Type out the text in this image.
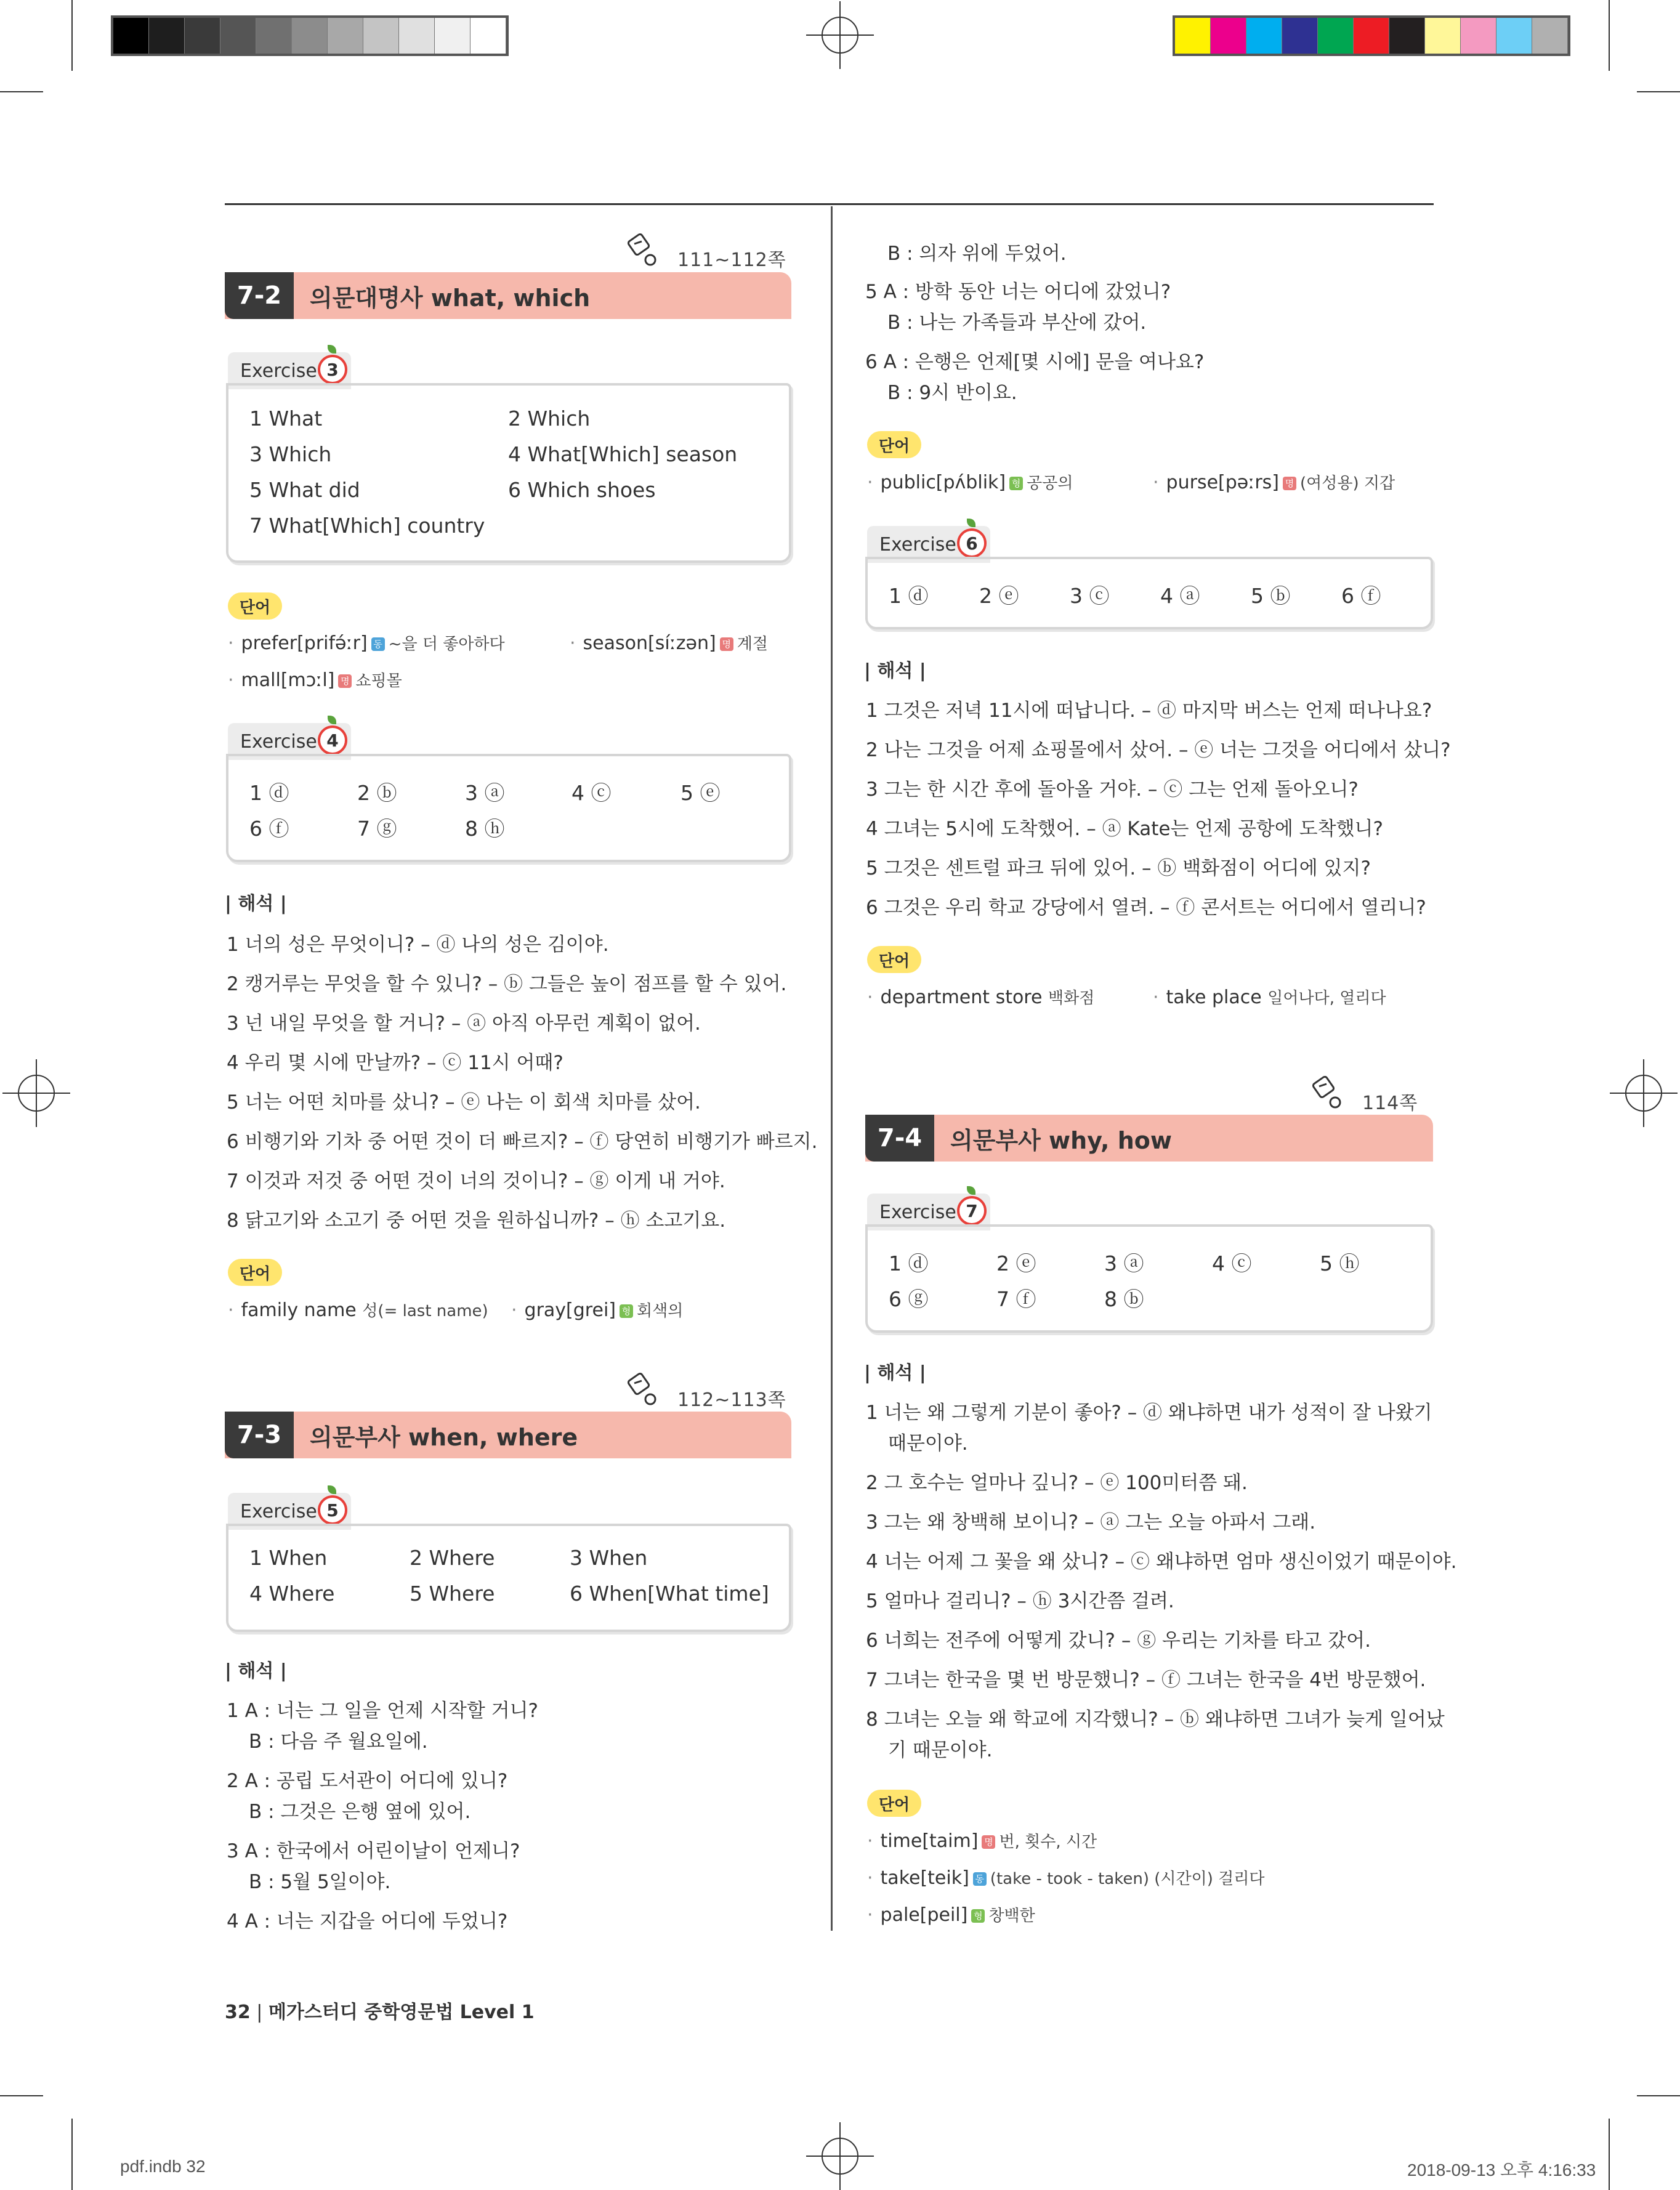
pdf.indb 32	2018-09-13 오후 4:16:33
111~112쪽
7-2	의문대명사 what, which
Exercise 3
1 What	2 Which
3 Which	4 What[Which] season
5 What did	6 Which shoes
7 What[Which] country
단어
· prefer[prifə́ːr] 동 ~을 더 좋아하다	· season[síːzən] 명 계절
· mall[mɔːl] 명 쇼핑몰
Exercise 4
1 ⓓ	2 ⓑ	3 ⓐ	4 ⓒ	5 ⓔ
6 ⓕ	7 ⓖ	8 ⓗ
| 해석 |
1 너의 성은 무엇이니? – ⓓ 나의 성은 김이야.
2 캥거루는 무엇을 할 수 있니? – ⓑ 그들은 높이 점프를 할 수 있어.
3 넌 내일 무엇을 할 거니? – ⓐ 아직 아무런 계획이 없어.
4 우리 몇 시에 만날까? – ⓒ 11시 어때?
5 너는 어떤 치마를 샀니? – ⓔ 나는 이 회색 치마를 샀어.
6 비행기와 기차 중 어떤 것이 더 빠르지? – ⓕ 당연히 비행기가 빠르지.
7 이것과 저것 중 어떤 것이 너의 것이니? – ⓖ 이게 내 거야.
8 닭고기와 소고기 중 어떤 것을 원하십니까? – ⓗ 소고기요.
단어
· family name 성(= last name) · gray[grei] 형 회색의
112~113쪽
7-3	의문부사 when, where
Exercise 5
1 When	2 Where	3 When
4 Where	5 Where	6 When[What time]
| 해석 |
1 A : 너는 그 일을 언제 시작할 거니?
B : 다음 주 월요일에.
2 A : 공립 도서관이 어디에 있니?
B : 그것은 은행 옆에 있어.
3 A : 한국에서 어린이날이 언제니?
B : 5월 5일이야.
4 A : 너는 지갑을 어디에 두었니?
B : 의자 위에 두었어.
5 A : 방학 동안 너는 어디에 갔었니?
B : 나는 가족들과 부산에 갔어.
6 A : 은행은 언제[몇 시에] 문을 여나요?
B : 9시 반이요.
단어
· public[pʌ́blik] 형 공공의	· purse[pəːrs] 명 (여성용) 지갑
Exercise 6
1 ⓓ	2 ⓔ	3 ⓒ	4 ⓐ	5 ⓑ	6 ⓕ
| 해석 |
1 그것은 저녁 11시에 떠납니다. – ⓓ 마지막 버스는 언제 떠나나요?
2 나는 그것을 어제 쇼핑몰에서 샀어. – ⓔ 너는 그것을 어디에서 샀니?
3 그는 한 시간 후에 돌아올 거야. – ⓒ 그는 언제 돌아오니?
4 그녀는 5시에 도착했어. – ⓐ Kate는 언제 공항에 도착했니?
5 그것은 센트럴 파크 뒤에 있어. – ⓑ 백화점이 어디에 있지?
6 그것은 우리 학교 강당에서 열려. – ⓕ 콘서트는 어디에서 열리니?
단어
· department store 백화점	· take place 일어나다, 열리다
114쪽
7-4	의문부사 why, how
Exercise 7
1 ⓓ	2 ⓔ	3 ⓐ	4 ⓒ	5 ⓗ
6 ⓖ	7 ⓕ	8 ⓑ
| 해석 |
1 너는 왜 그렇게 기분이 좋아? – ⓓ 왜냐하면 내가 성적이 잘 나왔기
때문이야.
2 그 호수는 얼마나 깊니? – ⓔ 100미터쯤 돼.
3 그는 왜 창백해 보이니? – ⓐ 그는 오늘 아파서 그래.
4 너는 어제 그 꽃을 왜 샀니? – ⓒ 왜냐하면 엄마 생신이었기 때문이야.
5 얼마나 걸리니? – ⓗ 3시간쯤 걸려.
6 너희는 전주에 어떻게 갔니? – ⓖ 우리는 기차를 타고 갔어.
7 그녀는 한국을 몇 번 방문했니? – ⓕ 그녀는 한국을 4번 방문했어.
8 그녀는 오늘 왜 학교에 지각했니? – ⓑ 왜냐하면 그녀가 늦게 일어났
기 때문이야.
단어
· time[taim] 명 번, 횟수, 시간
· take[teik] 동 (take - took - taken) (시간이) 걸리다
· pale[peil] 형 창백한
32 | 메가스터디 중학영문법 Level 1
